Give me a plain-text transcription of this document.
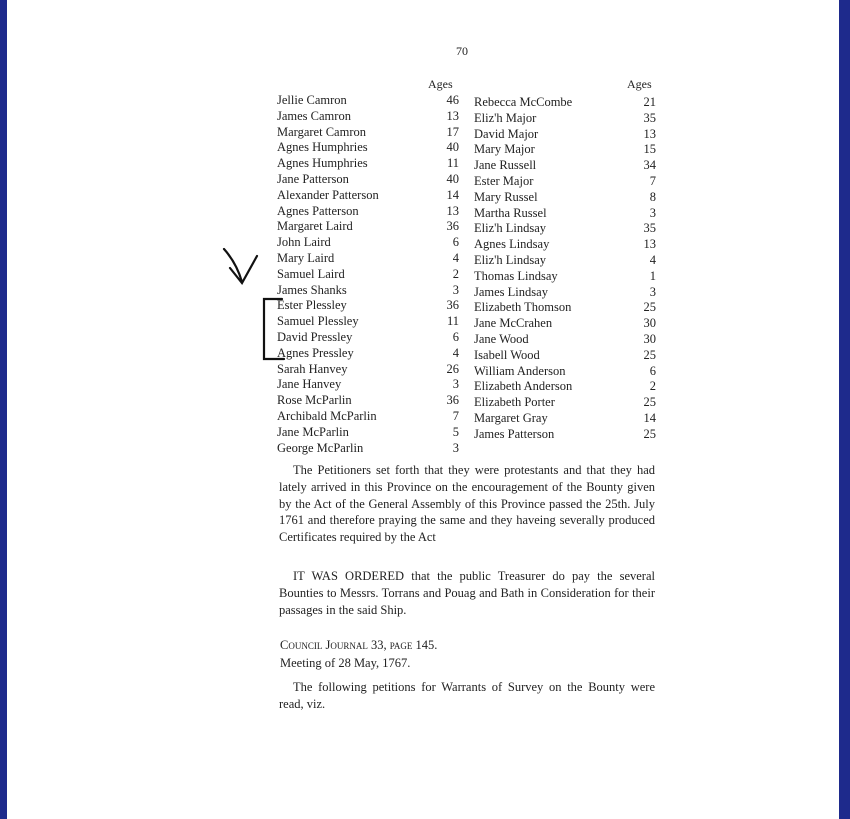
70
Ages	Ages
Jellie Camron	46
James Camron	13
Margaret Camron	17
Agnes Humphries	40
Agnes Humphries	11
Jane Patterson	40
Alexander Patterson	14
Agnes Patterson	13
Margaret Laird	36
John Laird	6
Mary Laird	4
Samuel Laird	2
James Shanks	3
Ester Plessley	36
Samuel Plessley	11
David Pressley	6
Agnes Pressley	4
Sarah Hanvey	26
Jane Hanvey	3
Rose McParlin	36
Archibald McParlin	7
Jane McParlin	5
George McParlin	3
Rebecca McCombe	21
Eliz'h Major	35
David Major	13
Mary Major	15
Jane Russell	34
Ester Major	7
Mary Russel	8
Martha Russel	3
Eliz'h Lindsay	35
Agnes Lindsay	13
Eliz'h Lindsay	4
Thomas Lindsay	1
James Lindsay	3
Elizabeth Thomson	25
Jane McCrahen	30
Jane Wood	30
Isabell Wood	25
William Anderson	6
Elizabeth Anderson	2
Elizabeth Porter	25
Margaret Gray	14
James Patterson	25

The Petitioners set forth that they were protestants and that they had lately arrived in this Province on the encouragement of the Bounty given by the Act of the General Assembly of this Province passed the 25th. July 1761 and therefore praying the same and they haveing severally produced Certificates required by the Act

IT WAS ORDERED that the public Treasurer do pay the several Bounties to Messrs. Torrans and Pouag and Bath in Consideration for their passages in the said Ship.

Council Journal 33, page 145.
Meeting of 28 May, 1767.

The following petitions for Warrants of Survey on the Bounty were read, viz.
